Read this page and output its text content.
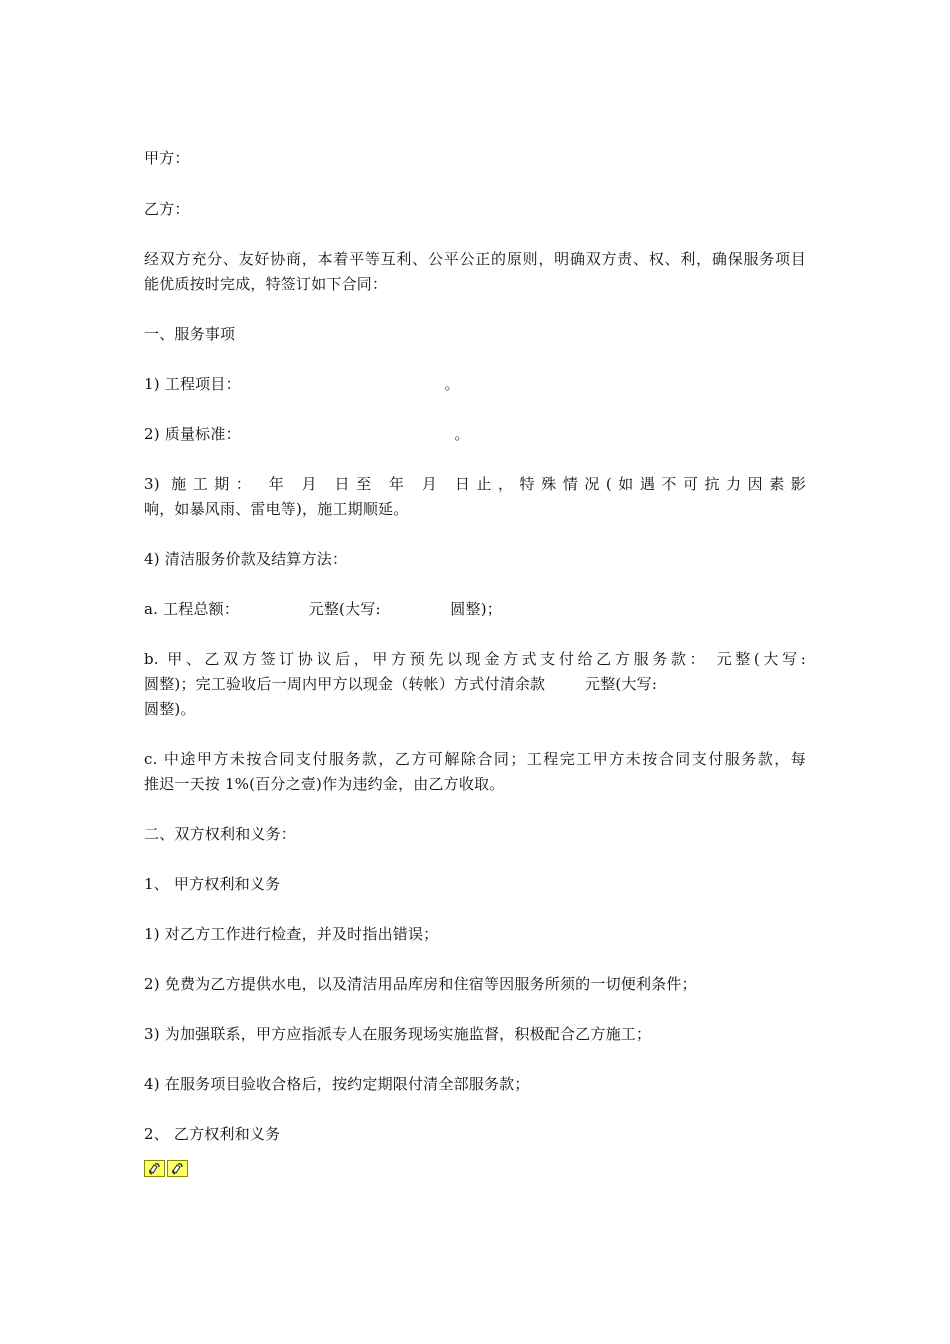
甲方：
乙方：
经双方充分、友好协商，本着平等互利、公平公正的原则，明确双方责、权、利，确保服务项目
能优质按时完成，特签订如下合同：
一、服务事项
1) 工程项目：                                         。
2) 质量标准：                                           。
3) 施工期： 年 月 日至 年 月 日止，特殊情况(如遇不可抗力因素影
响，如暴风雨、雷电等)，施工期顺延。
4) 清洁服务价款及结算方法：
a. 工程总额：              元整(大写:              圆整)；
b. 甲、乙双方签订协议后，甲方预先以现金方式支付给乙方服务款： 元整(大写:
圆整)；完工验收后一周内甲方以现金（转帐）方式付清余款        元整(大写:
圆整)。
c. 中途甲方未按合同支付服务款，乙方可解除合同；工程完工甲方未按合同支付服务款，每
推迟一天按 1%(百分之壹)作为违约金，由乙方收取。
二、双方权利和义务：
1、 甲方权利和义务
1) 对乙方工作进行检查，并及时指出错误；
2) 免费为乙方提供水电，以及清洁用品库房和住宿等因服务所须的一切便利条件；
3) 为加强联系，甲方应指派专人在服务现场实施监督，积极配合乙方施工；
4) 在服务项目验收合格后，按约定期限付清全部服务款；
2、 乙方权利和义务
